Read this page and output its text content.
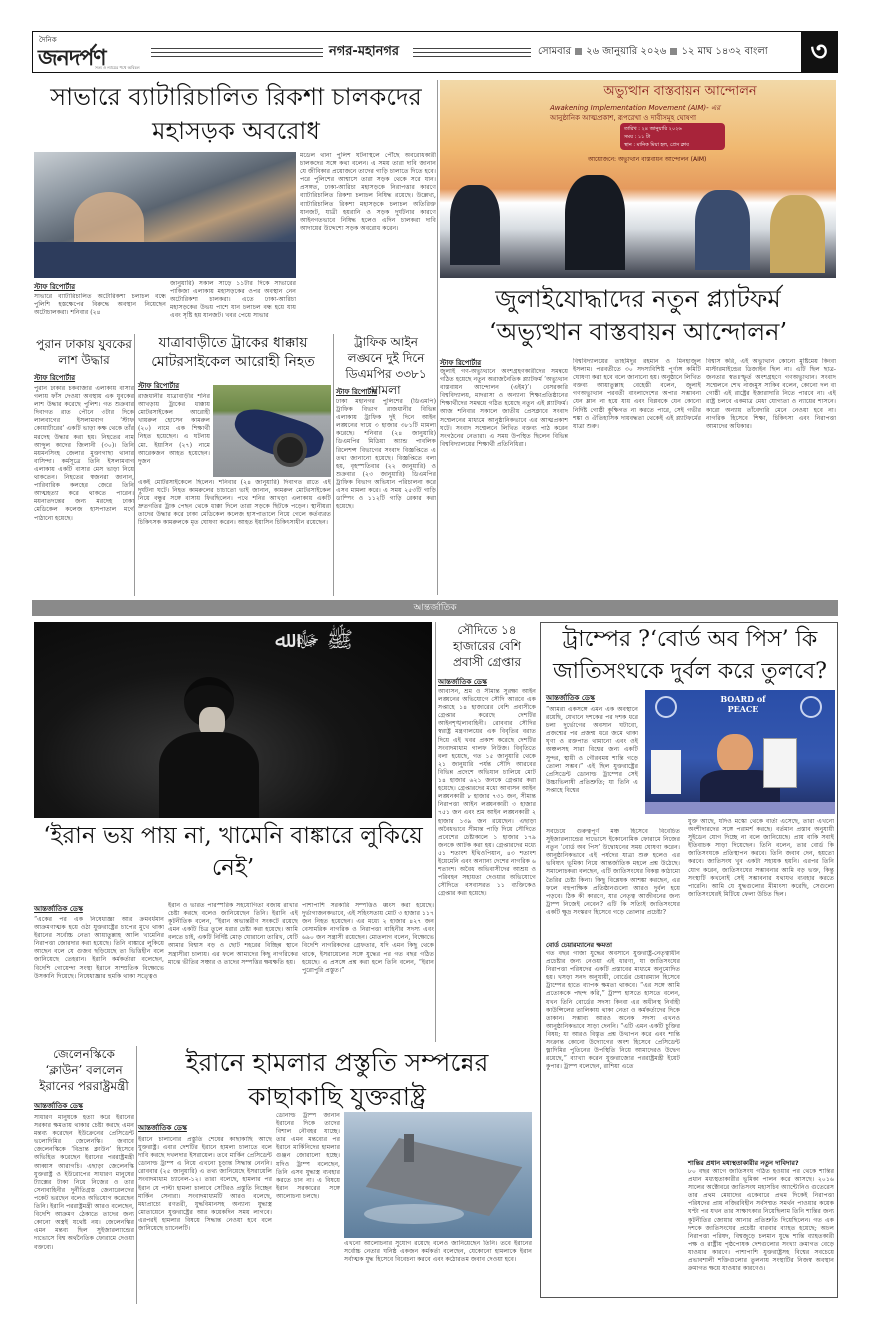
দৈনিক
জনদর্পণ
সত্য ও ন্যায়ের পথে অবিচল
নগর-মহানগর	সোমবার ২৬ জানুয়ারি ২০২৬ ১২ মাঘ ১৪৩২ বাংলা	৩
সাভারে ব্যাটারিচালিত রিকশা চালকদের মহাসড়ক অবরোধ
মডেল থানা পুলিশ ঘটনাস্থলে পৌঁছে অবরোধকারী চালকদের সঙ্গে কথা বলেন। এ সময় তারা দাবি জানান যে জীবিকার প্রয়োজনে তাদের গাড়ি চালাতে দিতে হবে। পরে পুলিশের আশ্বাসে তারা সড়ক থেকে সরে যান। প্রসঙ্গত, ঢাকা-আরিচা মহাসড়কে নিরাপত্তার কারণে ব্যাটারিচালিত রিকশা চলাচল নিষিদ্ধ রয়েছে। উল্লেখ্য, ব্যাটারিচালিত রিকশা মহাসড়কে চলাচল অতিরিক্ত যানজট, যাত্রী হয়রানি ও সড়ক দুর্ঘটনার কারণে আইনগতভাবে নিষিদ্ধ হলেও এদিন চালকরা দাবি আদায়ের উদ্দেশ্যে সড়ক অবরোধ করেন।
স্টাফ রিপোর্টার
সাভারে ব্যাটারিচালিত অটোরিকশা চলাচল বন্ধে পুলিশি হস্তক্ষেপের বিরুদ্ধে অবস্থান নিয়েছেন অটোচালকরা। শনিবার (২৪
জানুয়ারি) সকাল সাড়ে ১১টার দিকে সাভারের পাকিজা এলাকায় মহাসড়কের ওপর অবস্থান নেন অটোরিকশা চালকরা। এতে ঢাকা-আরিচা মহাসড়কের উভয় পাশে যান চলাচল বন্ধ হয়ে যায় এবং সৃষ্টি হয় যানজট। খবর পেয়ে সাভার
অভ্যুত্থান বাস্তবায়ন আন্দোলন
Awakening Implementation Movement (AIM)- এর
আনুষ্ঠানিক আত্মপ্রকাশ, রূপরেখা ও দাবীসমূহ ঘোষণা
তারিখ : ২৪ জানুয়ারি ২০২৬
সময় : ১১ টা
স্থান : মানিক মিয়া হল, প্রেস ক্লাব
আয়োজনে: অভ্যুত্থান বাস্তবায়ন আন্দোলন (AIM)
জুলাইযোদ্ধাদের নতুন প্ল্যাটফর্ম
‘অভ্যুত্থান বাস্তবায়ন আন্দোলন’
স্টাফ রিপোর্টার
জুলাই গণ-অভ্যুত্থানে অংশগ্রহণকারীদের সমন্বয়ে গঠিত হয়েছে নতুন অরাজনৈতিক প্ল্যাটফর্ম ‘অভ্যুত্থান বাস্তবায়ন আন্দোলন (এইম)’। বেসরকারি বিশ্ববিদ্যালয়, মাদরাসা ও অন্যান্য শিক্ষাপ্রতিষ্ঠানের শিক্ষার্থীদের সমন্বয়ে গঠিত হয়েছে নতুন এই প্ল্যাটফর্ম। আজ শনিবার সকালে জাতীয় প্রেসক্লাবে সংবাদ সম্মেলনের মাধ্যমে আনুষ্ঠানিকভাবে এর আত্মপ্রকাশ ঘটে। সংবাদ সম্মেলনে লিখিত বক্তব্য পাঠ করেন সংগঠনের নেতারা। এ সময় উপস্থিত ছিলেন বিভিন্ন বিশ্ববিদ্যালয়ের শিক্ষার্থী প্রতিনিধিরা।
বিশ্ববিদ্যালয়ের তাহমিদুর রহমান ও মিনহাজুল ইসলাম। পরবর্তীতে ৩০ সদস্যবিশিষ্ট পূর্ণাঙ্গ কমিটি ঘোষণা করা হবে বলে জানানো হয়। অনুষ্ঠানে লিখিত বক্তব্য আয়াতুল্লাহ বেহেস্তী বলেন, জুলাই গণঅভ্যুত্থান পরবর্তী বাংলাদেশের অপার সম্ভাবনা যেন ম্লান না হয়ে যায় এবং বিপ্লবকে যেন কোনো নির্দিষ্ট গোষ্ঠী কুক্ষিগত না করতে পারে, সেই গভীর শঙ্কা ও ঐতিহাসিক দায়বদ্ধতা থেকেই এই প্ল্যাটফর্মের যাত্রা শুরু।
বিশ্বাস করি, এই অভ্যুত্থান কোনো মুষ্টিমেয় কিংবা মাস্টারমাইন্ডের ডিজাইন ছিল না। এটি ছিল ছাত্র-জনতার স্বতঃস্ফূর্ত অংশগ্রহণে গণঅভ্যুত্থান। সংবাদ সম্মেলনে শেখ নাজমুস সাকিব বলেন, কোনো দল বা গোষ্ঠী এই রাষ্ট্রের ইজারাদারি নিতে পারবে না। এই রাষ্ট্র চলবে একমাত্র মেধা যোগ্যতা ও ন্যায়ের শাসনে। কারো অন্যায় তাঁবেদারি মেনে নেওয়া হবে না। নাগরিক হিসেবে শিক্ষা, চিকিৎসা এবং নিরাপত্তা আমাদের অধিকার।
পুরান ঢাকায় যুবকের লাশ উদ্ধার
স্টাফ রিপোর্টার
পুরান ঢাকার চকবাজার এলাকায় বাসার গলায় ফাঁস দেওয়া অবস্থায় এক যুবকের লাশ উদ্ধার করেছে পুলিশ। গত শুক্রবার দিবাগত রাত পৌনে ৩টার দিকে লালবাগের ইসলামবাগ ‘স্টাফ কোয়ার্টারের’ একটি ভাড়া কক্ষ থেকে তাঁর মরদেহ উদ্ধার করা হয়। নিহতের নাম আব্দুল কাদের জিলানী (৩০)। তিনি ময়মনসিংহ জেলার মুক্তাগাছা থানার বাসিন্দা। কর্মসূত্রে তিনি ইসলামবাগ এলাকায় একটি বাসার মেস ভাড়া নিয়ে থাকতেন। নিহতের স্বজনরা জানান, পারিবারিক কলহের জেরে তিনি আত্মহত্যা করে থাকতে পারেন। ময়নাতদন্তের জন্য মরদেহ ঢাকা মেডিকেল কলেজ হাসপাতাল মর্গে পাঠানো হয়েছে।
যাত্রাবাড়ীতে ট্রাকের ধাক্কায় মোটরসাইকেল আরোহী নিহত
স্টাফ রিপোর্টার
রাজধানীর যাত্রাবাড়ীর শনির আখড়ায় ট্রাকের ধাক্কায় মোটরসাইকেল আরোহী খায়রুল হোসেন কামরুল (২০) নামে এক শিক্ষার্থী নিহত হয়েছেন। এ ঘটনায় মো. ইয়াসিন (২৭) নামে আরেকজন আহত হয়েছেন। দুজন
একই মোটরসাইকেলে ছিলেন। শনিবার (২৪ জানুয়ারি) দিবাগত রাতে এই দুর্ঘটনা ঘটে। নিহত কামরুলের চাচাতো ভাই জানান, কামরুল মোটরসাইকেল নিয়ে বন্ধুর সঙ্গে বাসায় ফিরছিলেন। পথে শনির আখড়া এলাকায় একটি দ্রুতগতির ট্রাক পেছন থেকে ধাক্কা দিলে তারা সড়কে ছিটকে পড়েন। স্থানীয়রা তাদের উদ্ধার করে ঢাকা মেডিকেল কলেজ হাসপাতালে নিয়ে গেলে কর্তব্যরত চিকিৎসক কামরুলকে মৃত ঘোষণা করেন। আহত ইয়াসিন চিকিৎসাধীন রয়েছেন।
ট্রাফিক আইন লঙ্ঘনে দুই দিনে ডিএমপির ৩৩৮১ মামলা
স্টাফ রিপোর্টার
ঢাকা মহানগর পুলিশের (ডিএমপি) ট্রাফিক বিভাগ রাজধানীর বিভিন্ন এলাকায় ট্রাফিক দুই দিনে আইন লঙ্ঘনের দায়ে ৩ হাজার ৩৮১টি মামলা করেছে। শনিবার (২৪ জানুয়ারি) ডিএমপির মিডিয়া অ্যান্ড পাবলিক রিলেশন্স বিভাগের সংবাদ বিজ্ঞপ্তিতে এ তথ্য জানানো হয়েছে। বিজ্ঞপ্তিতে বলা হয়, বৃহস্পতিবার (২২ জানুয়ারি) ও শুক্রবার (২৩ জানুয়ারি) ডিএমপির ট্রাফিক বিভাগ অভিযান পরিচালনা করে এসব মামলা করে। এ সময় ২৫৩টি গাড়ি ডাম্পিং ও ১১২টি গাড়ি রেকার করা হয়েছে।
আন্তর্জাতিক
ﷺ ﷻ ﷲ
‘ইরান ভয় পায় না, খামেনি বাঙ্কারে লুকিয়ে নেই’
আন্তর্জাতিক ডেস্ক
“একের পর এক নিষেধাজ্ঞা আর ক্রমবর্ধমান আক্রমণাত্মক হয়ে ওঠা যুক্তরাষ্ট্রের চাপের মুখে থাকা ইরানের সর্বোচ্চ নেতা আয়াতুল্লাহ আলি খামেনির নিরাপত্তা জোরদার করা হয়েছে। তিনি বাঙ্কারে লুকিয়ে আছেন বলে যে গুজব ছড়িয়েছে তা ভিত্তিহীন বলে জানিয়েছে তেহরান। ইরানি কর্মকর্তারা বলেছেন, বিদেশি গোয়েন্দা সংস্থা ইরানে সাম্প্রতিক বিক্ষোভে উসকানি দিয়েছে। নিষেধাজ্ঞার হুমকি থাকা সত্ত্বেও
ইরান ও ভারত পারস্পরিক সহযোগিতা বজায় রাখার চেষ্টা করছে বলেও জানিয়েছেন তিনি। ইরানি এই কূটনীতিক বলেন, “ইরান অভ্যন্তরীণ সংকটে রয়েছে এমন একটি চিত্র তুলে ধরার চেষ্টা করা হয়েছে। আমি বলতে চাই, একটি নির্দিষ্ট মোড় ঘোরানো তারিখ, যেটি আমার বিশ্বাস বড় ও ছোট শহরের বিচ্ছিন্ন স্থানে সন্ত্রাসীরা চালায়। এর ফলে আমাদের কিছু নাগরিকের মাঝে ভীতির সঞ্চার ও তাদের সম্পত্তির ক্ষয়ক্ষতি হয়।
পাশাপাশি সরকারি সম্পত্তিও ধ্বংস করা হয়েছে। দুর্ভাগ্যজনকভাবে, এই সহিংসতায় মোট ৩ হাজার ১১৭ জন নিহত হয়েছেন। এর মধ্যে ২ হাজার ৪২৭ জন বেসামরিক নাগরিক ও নিরাপত্তা বাহিনীর সদস্য এবং ৬৯০ জন সন্ত্রাসী রয়েছেন। মোতলাগ বলেন, বিক্ষোভে বিদেশি নাগরিকদের গ্রেফতার, যদি এমন কিছু থেকে থাকে, ইসরায়েলের সঙ্গে যুদ্ধের পর গত বছর গঠিত হয়েছে। এ প্রসঙ্গে প্রশ্ন করা হলে তিনি বলেন, “ইরান পুরোপুরি প্রস্তুত।”
সৌদিতে ১৪ হাজারের বেশি প্রবাসী গ্রেপ্তার
আন্তর্জাতিক ডেস্ক
আবাসন, শ্রম ও সীমান্ত সুরক্ষা আইন লঙ্ঘনের অভিযোগে সৌদি আরবে এক সপ্তাহে ১৪ হাজারের বেশি প্রবাসীকে গ্রেপ্তার করেছে দেশটির আইনশৃঙ্খলাবাহিনী। রোববার সৌদির স্বরাষ্ট্র মন্ত্রণালয়ের এক বিবৃতির বরাত দিয়ে এই খবর প্রকাশ করেছে দেশটির সংবাদমাধ্যম গালফ নিউজ। বিবৃতিতে বলা হয়েছে, গত ১৫ জানুয়ারি থেকে ২১ জানুয়ারি পর্যন্ত সৌদি আরবের বিভিন্ন প্রদেশে অভিযান চালিয়ে মোট ১৪ হাজার ৬২১ জনকে গ্রেপ্তার করা হয়েছে। গ্রেপ্তারদের মধ্যে আবাসন আইন লঙ্ঘনকারী ৮ হাজার ৭৩১ জন, সীমান্ত নিরাপত্তা আইন লঙ্ঘনকারী ৩ হাজার ৭৫১ জন এবং শ্রম আইন লঙ্ঘনকারী ২ হাজার ১৩৯ জন রয়েছেন। এছাড়া অবৈধভাবে সীমান্ত পাড়ি দিয়ে সৌদিতে প্রবেশের চেষ্টাকালে ১ হাজার ১৭৯ জনকে আটক করা হয়। গ্রেপ্তারদের মধ্যে ৫১ শতাংশ ইথিওপিয়ান, ৪৩ শতাংশ ইয়েমেনি এবং অন্যান্য দেশের নাগরিক ৬ শতাংশ। অবৈধ অভিবাসীদের আশ্রয় ও পরিবহন সহায়তা দেওয়ার অভিযোগে সৌদিতে বসবাসরত ১১ ব্যক্তিকেও গ্রেপ্তার করা হয়েছে।
ট্রাম্পের ?‘বোর্ড অব পিস’ কি জাতিসংঘকে দুর্বল করে তুলবে?
আন্তর্জাতিক ডেস্ক
“আমরা একসঙ্গে এমন এক অবস্থানে রয়েছি, যেখানে দশকের পর দশক ধরে চলা দুর্ভোগের অবসান ঘটাবো, প্রজন্মের পর প্রজন্ম ধরে জমে থাকা ঘৃণা ও রক্তপাত থামানো এবং ওই অঞ্চলসহ সারা বিশ্বের জন্য একটি সুন্দর, স্থায়ী ও গৌরবময় শান্তি গড়ে তোলা সম্ভব।” এই ছিল যুক্তরাষ্ট্রের প্রেসিডেন্ট ডোনাল্ড ট্রাম্পের সেই উচ্চাভিলাষী প্রতিশ্রুতি; যা তিনি এ সপ্তাহে বিশ্বের
BOARD of PEACE
সবচেয়ে গুরুত্বপূর্ণ মঞ্চ হিসেবে বিবেচিত সুইজারল্যান্ডের দাভোসে ইকোনোমিক ফোরামে নিজের নতুন ‘বোর্ড অব পিস’ উদ্বোধনের সময় ঘোষণা করেন। আনুষ্ঠানিকভাবে এই পর্ষদের যাত্রা শুরু হলেও এর ভবিষ্যৎ ভূমিকা নিয়ে আন্তর্জাতিক মহলে প্রশ্ন উঠেছে। সমালোচকরা বলছেন, এটি জাতিসংঘের বিকল্প কাঠামো তৈরির চেষ্টা কিনা। কিছু বিশ্লেষক আশঙ্কা করছেন, এর ফলে বহুপাক্ষিক প্রতিষ্ঠানগুলো আরও দুর্বল হয়ে পড়বে। ঠিক কী কারণে, যার নেতৃত্ব আজীবনের জন্য ট্রাম্প নিজেই নেবেন? এটি কি সত্যিই জাতিসংঘের একটি ক্ষুদ্র সংস্করণ হিসেবে গড়ে তোলার প্রচেষ্টা?
বোর্ড চেয়ারম্যানের ক্ষমতা
গত বছর গাজা যুদ্ধের অবসানে যুক্তরাষ্ট্র-নেতৃত্বাধীন প্রচেষ্টার জন্য নেওয়া এই ধারণা, যা জাতিসংঘের নিরাপত্তা পরিষদের একটি প্রস্তাবের মাধ্যমে অনুমোদিত হয়। খসড়া সনদ অনুযায়ী, বোর্ডের চেয়ারম্যান হিসেবে ট্রাম্পের হাতে ব্যাপক ক্ষমতা থাকবে। “এর সঙ্গে আমি প্রত্যেককে পছন্দ করি,” ট্রাম্প হাসতে হাসতে বলেন, যখন তিনি বোর্ডের সদস্য কিংবা এর অধীনস্থ নির্বাহী কাউন্সিলের তালিকায় থাকা নেতা ও কর্মকর্তাদের দিকে তাকান। সম্ভাব্য আরও অনেক সদস্য এখনও আনুষ্ঠানিকভাবে সাড়া দেননি। “এটি এমন একটি চুক্তির বিষয়; যা আরও বিস্তৃত প্রশ্ন উত্থাপন করে এবং শান্তি সংক্রান্ত কোনো উদ্যোগের অংশ হিসেবে প্রেসিডেন্ট ভ্লাদিমির পুতিনের উপস্থিতি নিয়ে আমাদেরও উদ্বেগ রয়েছে,” ব্যাখ্যা করেন যুক্তরাজ্যের পররাষ্ট্রমন্ত্রী ইয়েট কুপার। ট্রাম্প বলেছেন, রাশিয়া এতে
যুক্ত আছে, যদিও মস্কো থেকে বার্তা এসেছে, তারা এখনো অংশীদারদের সঙ্গে পরামর্শ করছে। বর্তমান প্রস্তাব অনুযায়ী সুইডেন যোগ দিচ্ছে না বলে জানিয়েছে। প্রায় বাকি সবাই ইতিবাচক সাড়া দিয়েছেন। তিনি বলেন, তার বোর্ড কি জাতিসংঘকে প্রতিস্থাপন করবে। তিনি জবাব দেন, হয়তো করবে। জাতিসংঘ খুব একটা সহায়ক হয়নি। এরপর তিনি যোগ করেন, জাতিসংঘের সম্ভাবনার আমি বড় ভক্ত, কিন্তু সংস্থাটি কখনোই সেই সম্ভাবনার যথাযথ ব্যবহার করতে পারেনি। আমি যে যুদ্ধগুলোর মীমাংসা করেছি, সেগুলো জাতিসংঘেরই মিটিয়ে ফেলা উচিত ছিল।
শান্তির প্রধান মধ্যস্থতাকারীর নতুন দাবিদার?
৮০ বছর আগে জাতিসংঘ গঠিত হওয়ার পর থেকে শান্তির প্রধান মধ্যস্থতাকারীর ভূমিকা পালন করে আসছে। ২০১৬ সালের অক্টোবরে জাতিসংঘ মহাসচিব অ্যান্টোনিও গুতেরেস তার প্রথম মেয়াদের একেবারে প্রথম দিকেই নিরাপত্তা পরিষদের প্রায় নজিরবিহীন সর্বসম্মত সমর্থন পাওয়ার কয়েক ঘণ্টা পর যখন তার সাক্ষাৎকার নিয়েছিলাম তিনি শান্তির জন্য কূটনীতির জোয়ার আনার প্রতিশ্রুতি দিয়েছিলেন। গত এক দশকে জাতিসংঘের প্রচেষ্টা বারবার ব্যাহত হয়েছে; অচল নিরাপত্তা পরিষদ, বিশ্বজুড়ে চলমান যুদ্ধে শান্তি ব্যাহতকারী পক্ষ ও রাষ্ট্রীয় পৃষ্ঠপোষক দেশগুলোর সংখ্যা ক্রমাগত বেড়ে যাওয়ার কারণে। পাশাপাশি যুক্তরাষ্ট্রসহ বিশ্বের সবচেয়ে প্রভাবশালী শক্তিগুলোর তুলনায় সংস্থাটির নিজস্ব অবস্থান ক্রমাগত ক্ষয়ে যাওয়ার কারণেও।
জেলেনস্কিকে ‘ক্লাউন’ বললেন ইরানের পররাষ্ট্রমন্ত্রী
আন্তর্জাতিক ডেস্ক
সাধারণ মানুষকে হত্যা করে ইরানের সরকার ক্ষমতায় থাকার চেষ্টা করছে এমন মন্তব্য করেছেন ইউক্রেনের প্রেসিডেন্ট ভলোদিমির জেলেনস্কি। জবাবে জেলেনস্কিকে ‘বিভ্রান্ত ক্লাউন’ হিসেবে অভিহিত করেছেন ইরানের পররাষ্ট্রমন্ত্রী আব্বাস আরাগচি। এছাড়া জেলেনস্কি যুক্তরাষ্ট্র ও ইউরোপের সাধারণ মানুষের ট্যাক্সের টাকা নিয়ে নিজের ও তার সেনাবাহিনীর দুর্নীতিগ্রস্ত জেনারেলদের পকেট ভরছেন বলেও অভিযোগ করেছেন তিনি। ইরানি পররাষ্ট্রমন্ত্রী আরও বলেছেন, বিদেশি আক্রমণ ঠেকাতে তাদের জন্য কোনো অস্ত্রই যথেষ্ট নয়। জেলেনস্কির এমন মন্তব্য ছিল সুইজারল্যান্ডের দাভোসে বিশ্ব অর্থনৈতিক ফোরামে দেওয়া বক্তব্যে।
ইরানে হামলার প্রস্তুতি সম্পন্নের কাছাকাছি যুক্তরাষ্ট্র
আন্তর্জাতিক ডেস্ক
ইরানে চালানোর প্রস্তুতি শেষের কাছাকাছি আছে যুক্তরাষ্ট্র। এবার দেশটির ইরানে হামলা চালাতে বলে দাবি করছে দখলদার ইসরায়েল। তবে মার্কিন প্রেসিডেন্ট ডোনাল্ড ট্রাম্প এ নিয়ে এখনো চূড়ান্ত সিদ্ধান্ত নেননি। রোববার (২৫ জানুয়ারি) এ তথ্য জানিয়েছে ইসরায়েলি সংবাদমাধ্যম চ্যানেল-১২। তারা বলেছে, হামলার পর ইরান যে পাল্টা হামলা চালাবে সেটিরও প্রস্তুতি নিচ্ছেন মার্কিন সেনারা। সংবাদমাধ্যমটি আরও বলেছে, মধ্যপ্রাচ্যে রণতরী, যুদ্ধবিমানসহ অন্যান্য যুদ্ধাস্ত্র মোতায়েনে যুক্তরাষ্ট্রের আর কয়েকদিন সময় লাগবে। এরপরই হামলার বিষয়ে সিদ্ধান্ত নেওয়া হবে বলে জানিয়েছে চ্যানেলটি।
ডোনাল্ড ট্রাম্প জানান ইরানের দিকে তাদের বিশাল নৌবহর যাচ্ছে। তার এমন মন্তব্যের পর ইরানে মার্কিনিদের হামলার গুঞ্জন জোরালো হচ্ছে। যদিও ট্রাম্প বলেছেন, তিনি এসব যুদ্ধাস্ত্র ব্যবহার করতে চান না। এ বিষয়ে ইরান সরকারের সঙ্গে আলোচনা চলছে।
এখনো আলোচনার সুযোগ রয়েছে বলেও জানিয়েছেন তিনি। তবে ইরানের সর্বোচ্চ নেতার ঘনিষ্ঠ একজন কর্মকর্তা বলেছেন, যেকোনো হামলাকে ইরান সর্বাত্মক যুদ্ধ হিসেবে বিবেচনা করবে এবং কঠোরতম জবাব দেওয়া হবে।
